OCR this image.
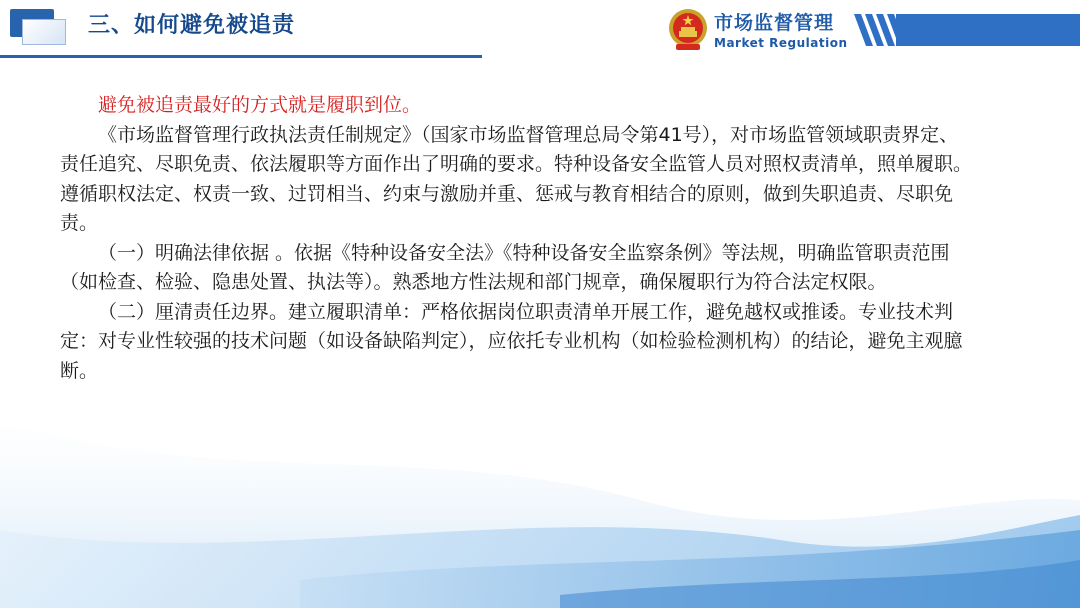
三、如何避免被追责	市场监督管理
Market Regulation

避免被追责最好的方式就是履职到位。

《市场监督管理行政执法责任制规定》（国家市场监督管理总局令第41号），对市场监管领域职责界定、责任追究、尽职免责、依法履职等方面作出了明确的要求。特种设备安全监管人员对照权责清单，照单履职。遵循职权法定、权责一致、过罚相当、约束与激励并重、惩戒与教育相结合的原则，做到失职追责、尽职免责。

（一）明确法律依据 。依据《特种设备安全法》《特种设备安全监察条例》等法规，明确监管职责范围（如检查、检验、隐患处置、执法等）。熟悉地方性法规和部门规章，确保履职行为符合法定权限。

（二）厘清责任边界。建立履职清单：严格依据岗位职责清单开展工作，避免越权或推诿。专业技术判定：对专业性较强的技术问题（如设备缺陷判定），应依托专业机构（如检验检测机构）的结论，避免主观臆断。
